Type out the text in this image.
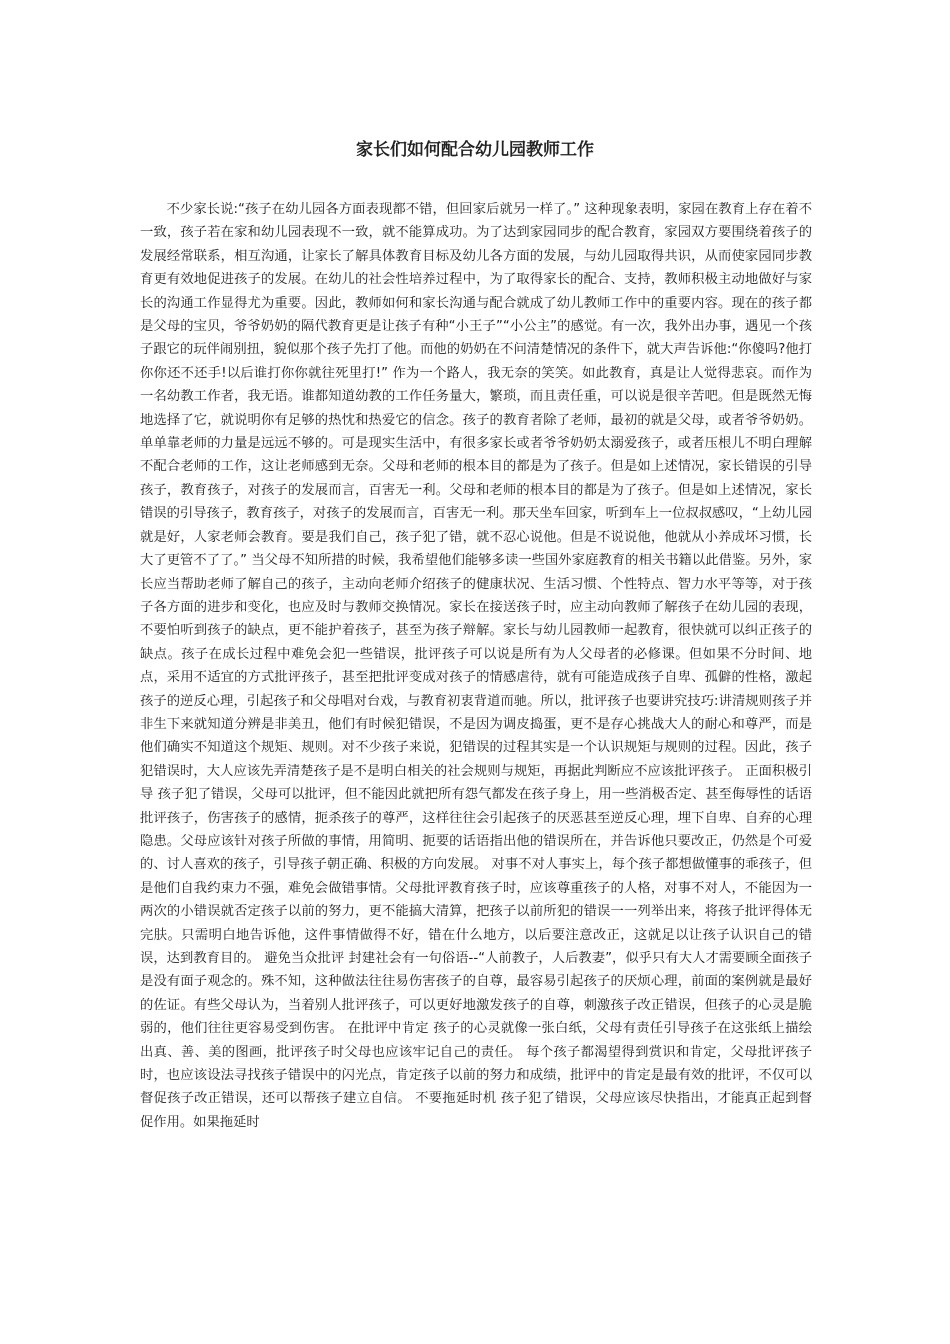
家长们如何配合幼儿园教师工作

不少家长说:“孩子在幼儿园各方面表现都不错，但回家后就另一样了。” 这种现象表明，家园在教育上存在着不一致，孩子若在家和幼儿园表现不一致，就不能算成功。为了达到家园同步的配合教育，家园双方要围绕着孩子的发展经常联系，相互沟通，让家长了解具体教育目标及幼儿各方面的发展，与幼儿园取得共识，从而使家园同步教育更有效地促进孩子的发展。在幼儿的社会性培养过程中，为了取得家长的配合、支持，教师积极主动地做好与家长的沟通工作显得尤为重要。因此，教师如何和家长沟通与配合就成了幼儿教师工作中的重要内容。现在的孩子都是父母的宝贝，爷爷奶奶的隔代教育更是让孩子有种“小王子”“小公主”的感觉。有一次，我外出办事，遇见一个孩子跟它的玩伴闹别扭，貌似那个孩子先打了他。而他的奶奶在不问清楚情况的条件下，就大声告诉他:“你傻吗?他打你你还不还手!以后谁打你你就往死里打!” 作为一个路人，我无奈的笑笑。如此教育，真是让人觉得悲哀。而作为一名幼教工作者，我无语。谁都知道幼教的工作任务量大，繁琐，而且责任重，可以说是很辛苦吧。但是既然无悔地选择了它，就说明你有足够的热忱和热爱它的信念。孩子的教育者除了老师，最初的就是父母，或者爷爷奶奶。单单靠老师的力量是远远不够的。可是现实生活中，有很多家长或者爷爷奶奶太溺爱孩子，或者压根儿不明白理解不配合老师的工作，这让老师感到无奈。父母和老师的根本目的都是为了孩子。但是如上述情况，家长错误的引导孩子，教育孩子，对孩子的发展而言，百害无一利。父母和老师的根本目的都是为了孩子。但是如上述情况，家长错误的引导孩子，教育孩子，对孩子的发展而言，百害无一利。那天坐车回家，听到车上一位叔叔感叹，“上幼儿园就是好，人家老师会教育。要是我们自己，孩子犯了错，就不忍心说他。但是不说说他，他就从小养成坏习惯，长大了更管不了了。” 当父母不知所措的时候，我希望他们能够多读一些国外家庭教育的相关书籍以此借鉴。另外，家长应当帮助老师了解自己的孩子，主动向老师介绍孩子的健康状况、生活习惯、个性特点、智力水平等等，对于孩子各方面的进步和变化，也应及时与教师交换情况。家长在接送孩子时，应主动向教师了解孩子在幼儿园的表现，不要怕听到孩子的缺点，更不能护着孩子，甚至为孩子辩解。家长与幼儿园教师一起教育，很快就可以纠正孩子的缺点。孩子在成长过程中难免会犯一些错误，批评孩子可以说是所有为人父母者的必修课。但如果不分时间、地点，采用不适宜的方式批评孩子，甚至把批评变成对孩子的情感虐待，就有可能造成孩子自卑、孤僻的性格，激起孩子的逆反心理，引起孩子和父母唱对台戏，与教育初衷背道而驰。所以，批评孩子也要讲究技巧:讲清规则孩子并非生下来就知道分辨是非美丑，他们有时候犯错误，不是因为调皮捣蛋，更不是存心挑战大人的耐心和尊严，而是他们确实不知道这个规矩、规则。对不少孩子来说，犯错误的过程其实是一个认识规矩与规则的过程。因此，孩子犯错误时，大人应该先弄清楚孩子是不是明白相关的社会规则与规矩，再据此判断应不应该批评孩子。 正面积极引导 孩子犯了错误，父母可以批评，但不能因此就把所有怨气都发在孩子身上，用一些消极否定、甚至侮辱性的话语批评孩子，伤害孩子的感情，扼杀孩子的尊严，这样往往会引起孩子的厌恶甚至逆反心理，埋下自卑、自弃的心理隐患。父母应该针对孩子所做的事情，用简明、扼要的话语指出他的错误所在，并告诉他只要改正，仍然是个可爱的、讨人喜欢的孩子，引导孩子朝正确、积极的方向发展。 对事不对人事实上，每个孩子都想做懂事的乖孩子，但是他们自我约束力不强，难免会做错事情。父母批评教育孩子时，应该尊重孩子的人格，对事不对人，不能因为一两次的小错误就否定孩子以前的努力，更不能搞大清算，把孩子以前所犯的错误一一列举出来，将孩子批评得体无完肤。只需明白地告诉他，这件事情做得不好，错在什么地方，以后要注意改正，这就足以让孩子认识自己的错误，达到教育目的。 避免当众批评 封建社会有一句俗语--“人前教子，人后教妻”，似乎只有大人才需要顾全面孩子是没有面子观念的。殊不知，这种做法往往易伤害孩子的自尊，最容易引起孩子的厌烦心理，前面的案例就是最好的佐证。有些父母认为，当着别人批评孩子，可以更好地激发孩子的自尊，刺激孩子改正错误，但孩子的心灵是脆弱的，他们往往更容易受到伤害。 在批评中肯定 孩子的心灵就像一张白纸，父母有责任引导孩子在这张纸上描绘出真、善、美的图画，批评孩子时父母也应该牢记自己的责任。 每个孩子都渴望得到赏识和肯定，父母批评孩子时，也应该设法寻找孩子错误中的闪光点，肯定孩子以前的努力和成绩，批评中的肯定是最有效的批评，不仅可以督促孩子改正错误，还可以帮孩子建立自信。 不要拖延时机 孩子犯了错误，父母应该尽快指出，才能真正起到督促作用。如果拖延时
